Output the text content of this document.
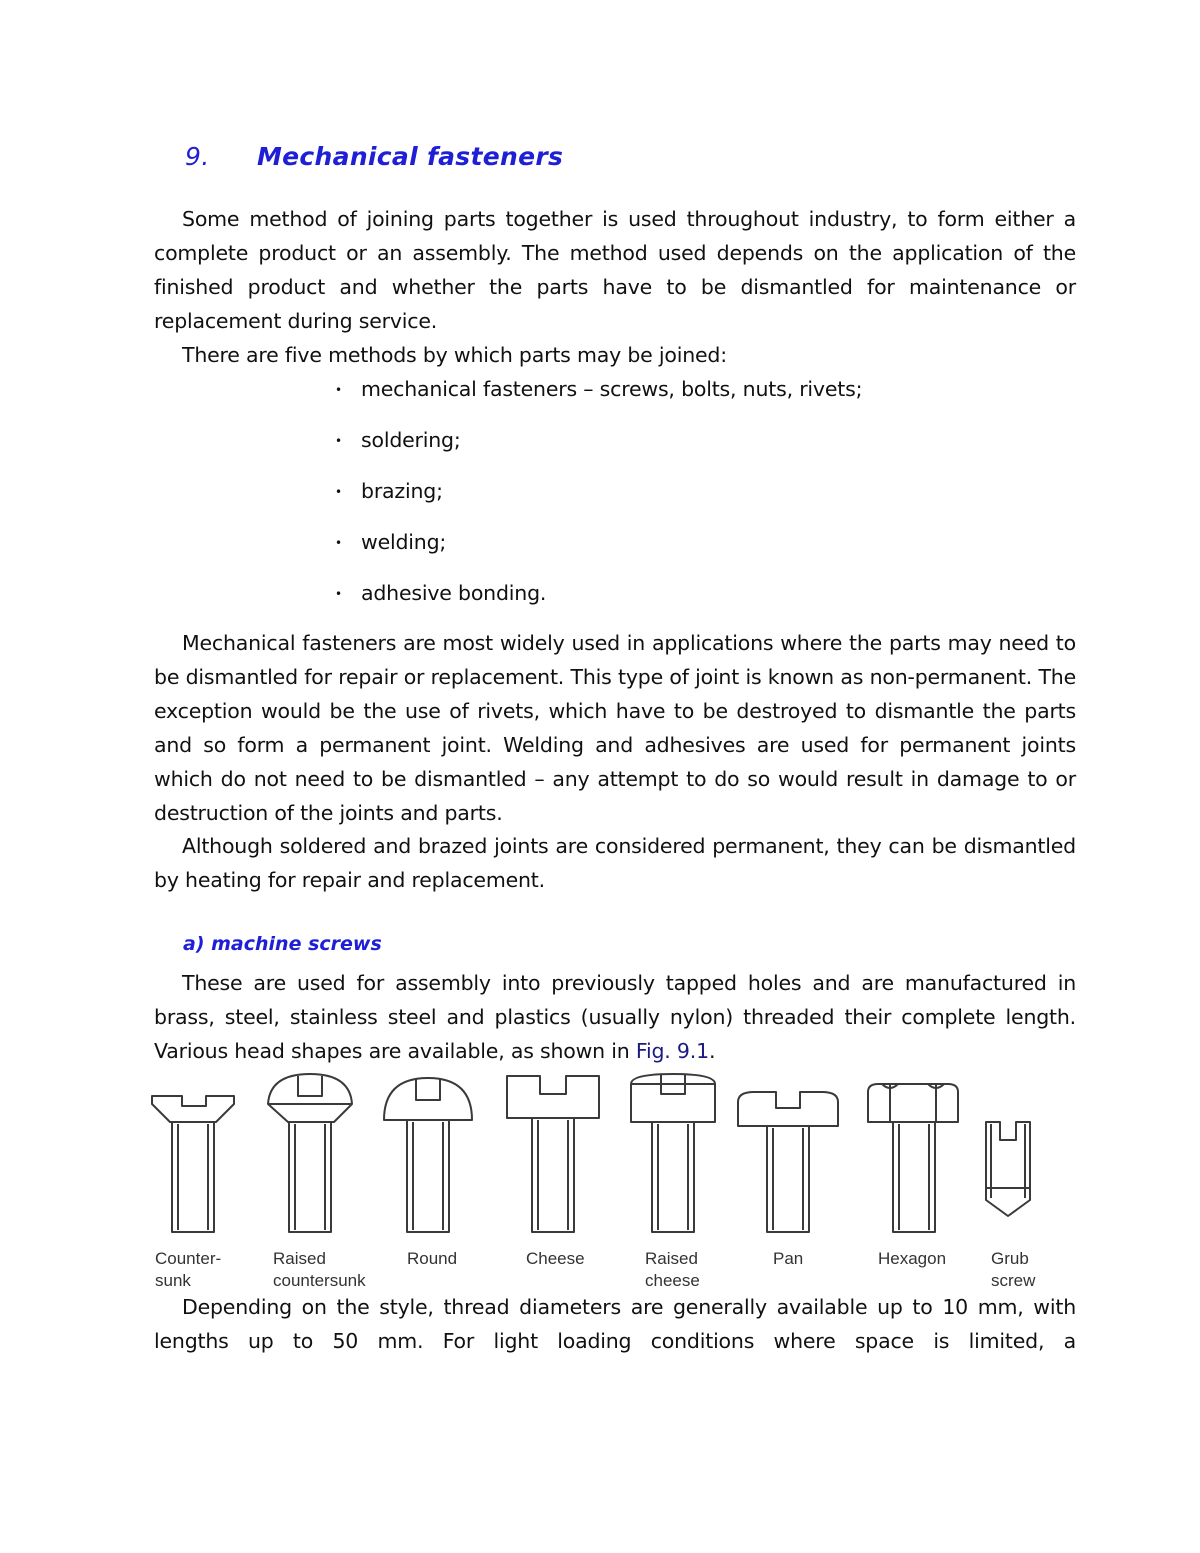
9. Mechanical fasteners

Some method of joining parts together is used throughout industry, to form either a complete product or an assembly. The method used depends on the application of the finished product and whether the parts have to be dismantled for maintenance or replacement during service.

There are five methods by which parts may be joined:

• mechanical fasteners – screws, bolts, nuts, rivets;
• soldering;
• brazing;
• welding;
• adhesive bonding.

Mechanical fasteners are most widely used in applications where the parts may need to be dismantled for repair or replacement. This type of joint is known as non-permanent. The exception would be the use of rivets, which have to be destroyed to dismantle the parts and so form a permanent joint. Welding and adhesives are used for permanent joints which do not need to be dismantled – any attempt to do so would result in damage to or destruction of the joints and parts.

Although soldered and brazed joints are considered permanent, they can be dismantled by heating for repair and replacement.

a) machine screws

These are used for assembly into previously tapped holes and are manufactured in brass, steel, stainless steel and plastics (usually nylon) threaded their complete length. Various head shapes are available, as shown in Fig. 9.1.

Counter-
sunk
Raised
countersunk
Round	Cheese	Raised
cheese
Pan	Hexagon	Grub
screw

Depending on the style, thread diameters are generally available up to 10 mm, with lengths up to 50 mm. For light loading conditions where space is limited, a
